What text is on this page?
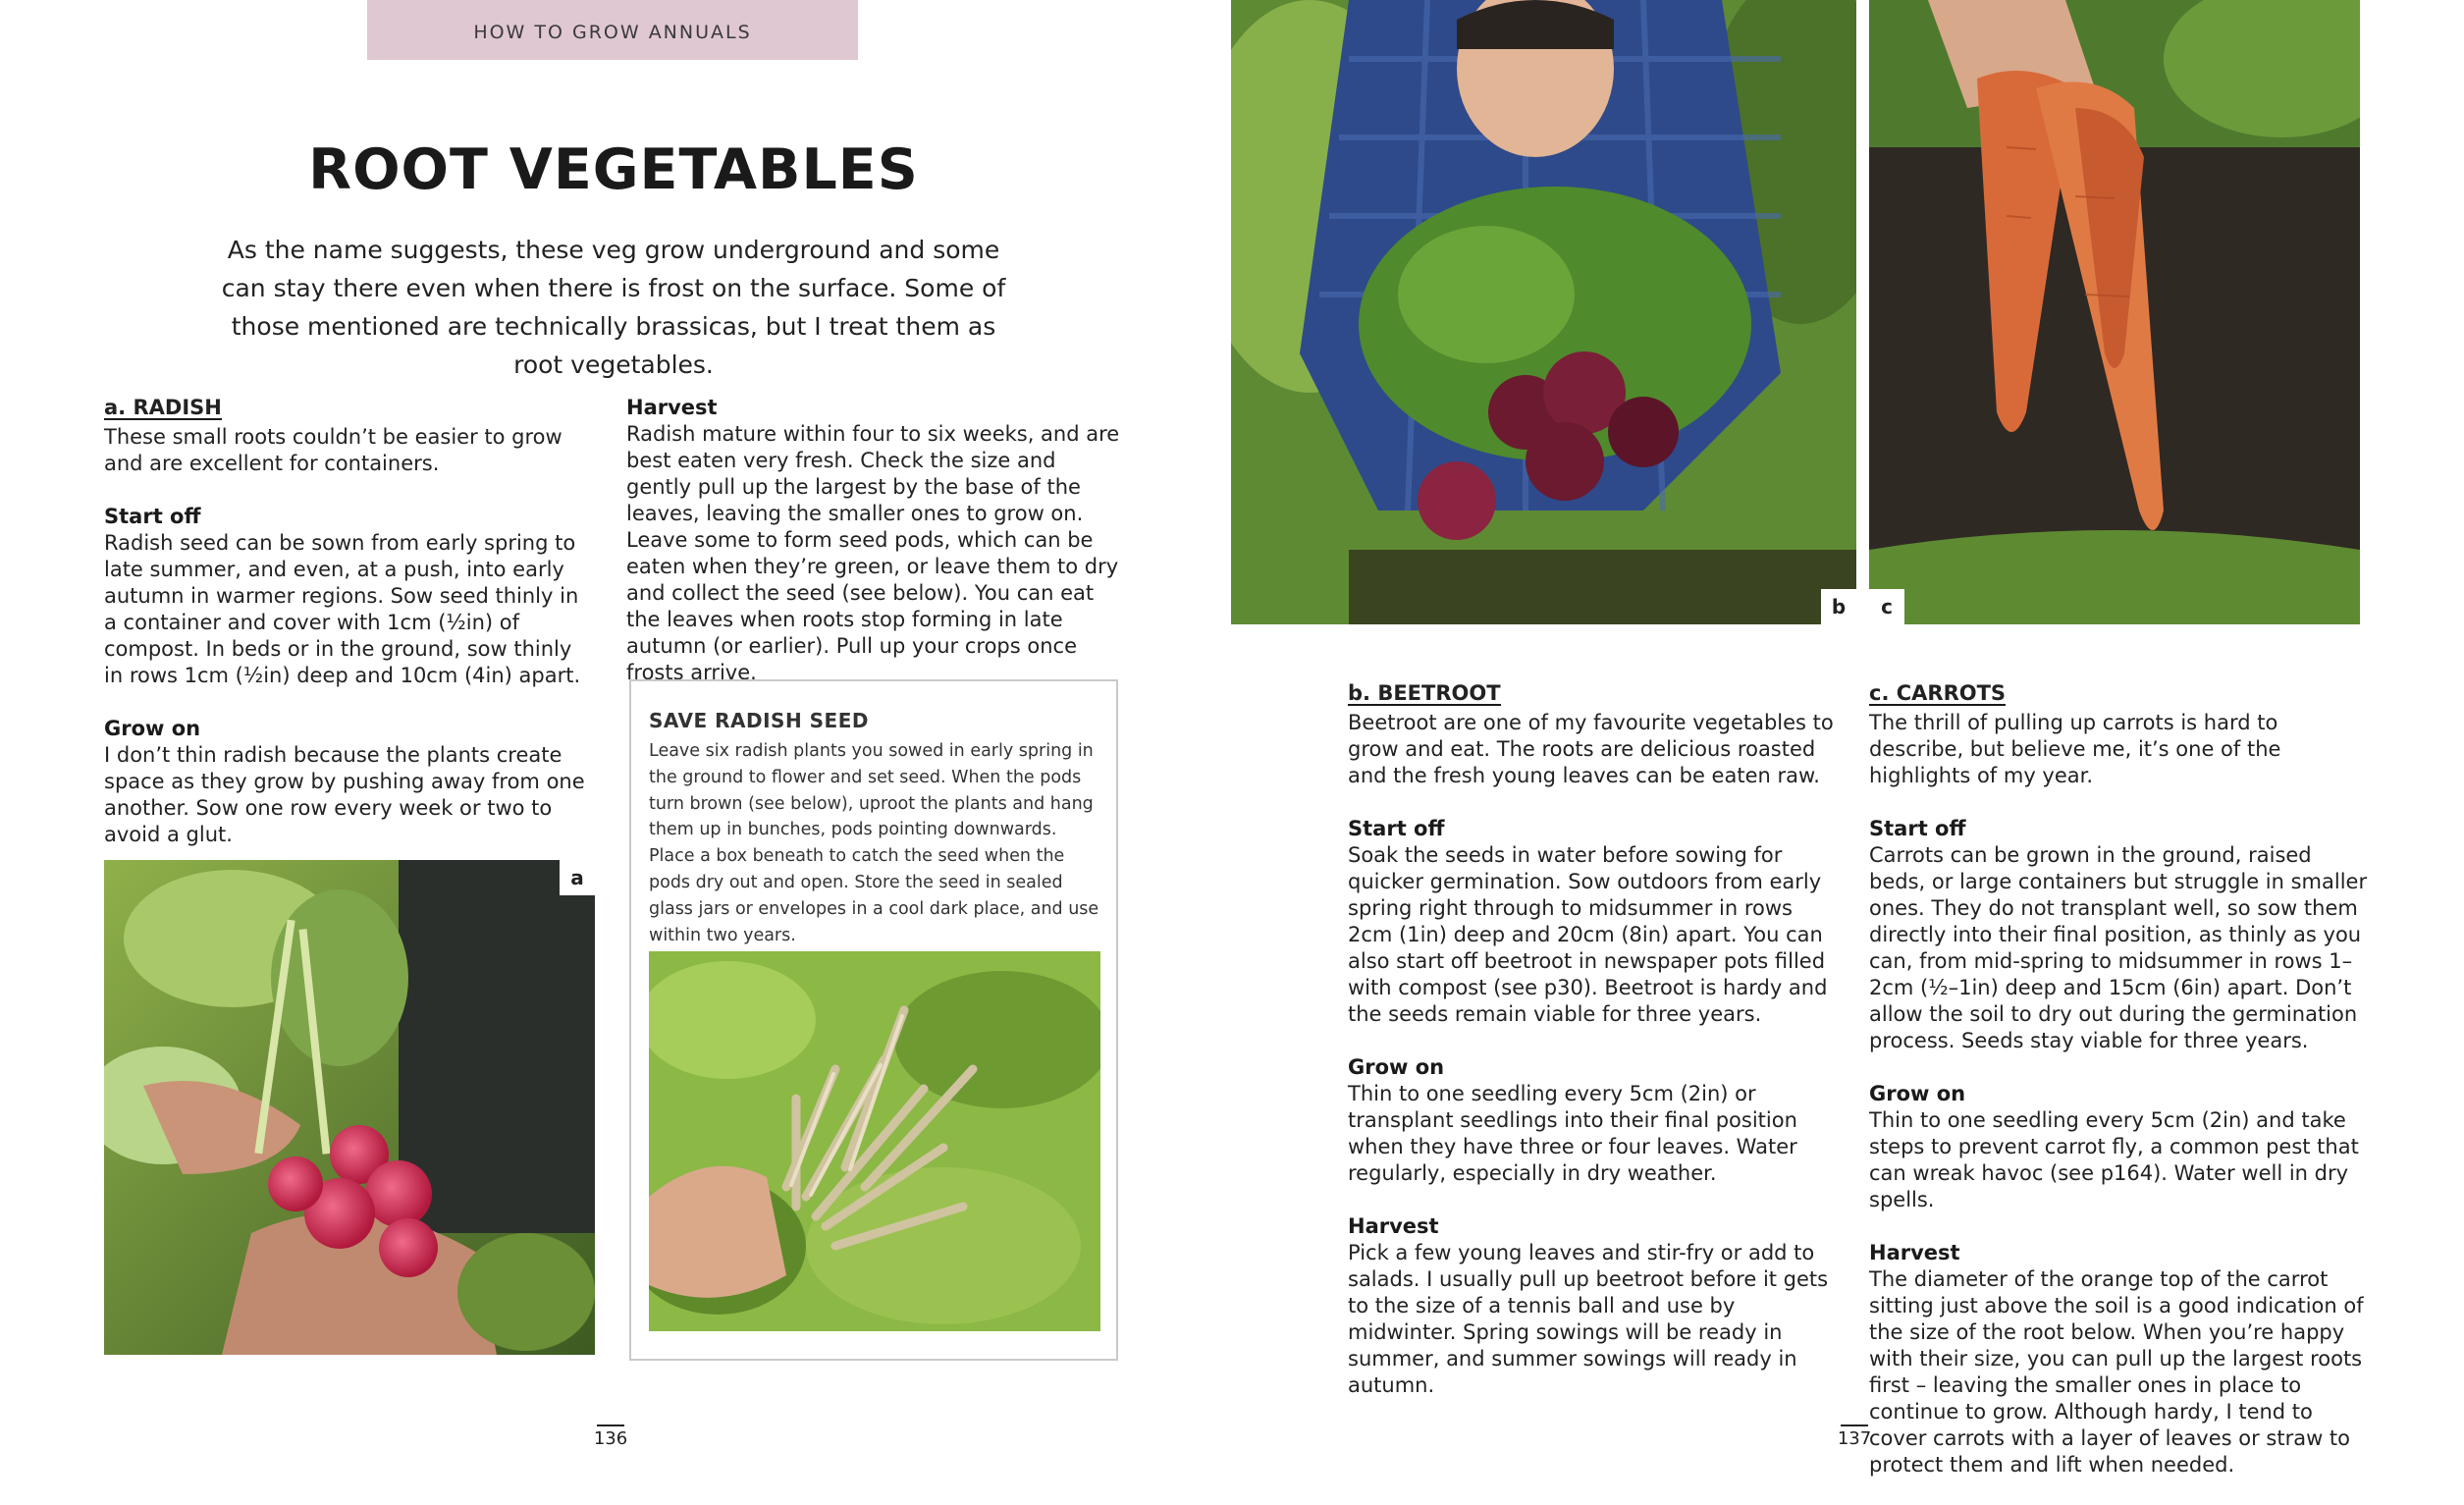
HOW TO GROW ANNUALS
ROOT VEGETABLES
As the name suggests, these veg grow underground and some can stay there even when there is frost on the surface. Some of those mentioned are technically brassicas, but I treat them as root vegetables.
a. RADISH

These small roots couldn’t be easier to grow and are excellent for containers.

Start off

Radish seed can be sown from early spring to late summer, and even, at a push, into early autumn in warmer regions. Sow seed thinly in a container and cover with 1cm (½in) of compost. In beds or in the ground, sow thinly in rows 1cm (½in) deep and 10cm (4in) apart.

Grow on

I don’t thin radish because the plants create space as they grow by pushing away from one another. Sow one row every week or two to avoid a glut.

a
Harvest

Radish mature within four to six weeks, and are best eaten very fresh. Check the size and gently pull up the largest by the base of the leaves, leaving the smaller ones to grow on. Leave some to form seed pods, which can be eaten when they’re green, or leave them to dry and collect the seed (see below). You can eat the leaves when roots stop forming in late autumn (or earlier). Pull up your crops once frosts arrive.

SAVE RADISH SEED
Leave six radish plants you sowed in early spring in the ground to flower and set seed. When the pods turn brown (see below), uproot the plants and hang them up in bunches, pods pointing downwards. Place a box beneath to catch the seed when the pods dry out and open. Store the seed in sealed glass jars or envelopes in a cool dark place, and use within two years.
b	c
b. BEETROOT

Beetroot are one of my favourite vegetables to grow and eat. The roots are delicious roasted and the fresh young leaves can be eaten raw.

Start off

Soak the seeds in water before sowing for quicker germination. Sow outdoors from early spring right through to midsummer in rows 2cm (1in) deep and 20cm (8in) apart. You can also start off beetroot in newspaper pots filled with compost (see p30). Beetroot is hardy and the seeds remain viable for three years.

Grow on

Thin to one seedling every 5cm (2in) or transplant seedlings into their final position when they have three or four leaves. Water regularly, especially in dry weather.

Harvest

Pick a few young leaves and stir-fry or add to salads. I usually pull up beetroot before it gets to the size of a tennis ball and use by midwinter. Spring sowings will be ready in summer, and summer sowings will ready in autumn.

c. CARROTS

The thrill of pulling up carrots is hard to describe, but believe me, it’s one of the highlights of my year.

Start off

Carrots can be grown in the ground, raised beds, or large containers but struggle in smaller ones. They do not transplant well, so sow them directly into their final position, as thinly as you can, from mid-spring to midsummer in rows 1–2cm (½–1in) deep and 15cm (6in) apart. Don’t allow the soil to dry out during the germination process. Seeds stay viable for three years.

Grow on

Thin to one seedling every 5cm (2in) and take steps to prevent carrot fly, a common pest that can wreak havoc (see p164). Water well in dry spells.

Harvest

The diameter of the orange top of the carrot sitting just above the soil is a good indication of the size of the root below. When you’re happy with their size, you can pull up the largest roots first – leaving the smaller ones in place to continue to grow. Although hardy, I tend to cover carrots with a layer of leaves or straw to protect them and lift when needed.

136	137
